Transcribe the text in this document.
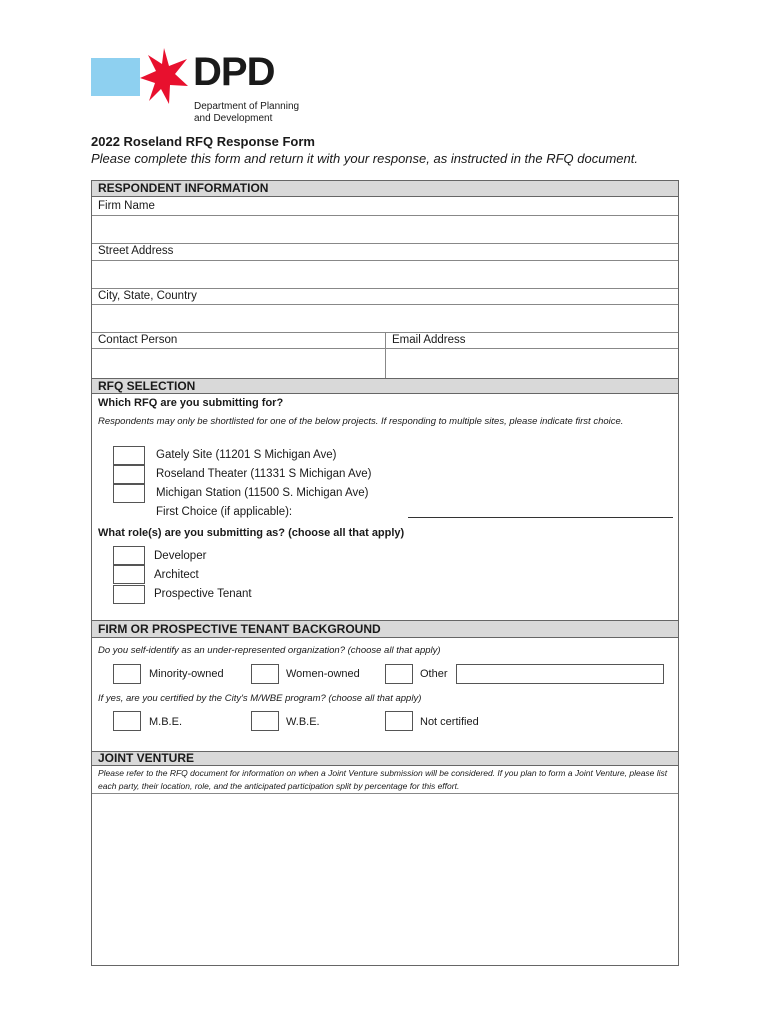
DPD
Department of Planning
and Development
2022 Roseland RFQ Response Form
Please complete this form and return it with your response, as instructed in the RFQ document.
RESPONDENT INFORMATION
Firm Name
Street Address
City, State, Country
Contact Person	Email Address
RFQ SELECTION
Which RFQ are you submitting for?
Respondents may only be shortlisted for one of the below projects. If responding to multiple sites, please indicate first choice.
Gately Site (11201 S Michigan Ave)
Roseland Theater (11331 S Michigan Ave)
Michigan Station (11500 S. Michigan Ave)
First Choice (if applicable):
What role(s) are you submitting as? (choose all that apply)
Developer
Architect
Prospective Tenant
FIRM OR PROSPECTIVE TENANT BACKGROUND
Do you self-identify as an under-represented organization? (choose all that apply)
Minority-owned	Women-owned	Other
If yes, are you certified by the City's M/WBE program? (choose all that apply)
M.B.E.	W.B.E.	Not certified
JOINT VENTURE
Please refer to the RFQ document for information on when a Joint Venture submission will be considered. If you plan to form a Joint Venture, please list each party, their location, role, and the anticipated participation split by percentage for this effort.
